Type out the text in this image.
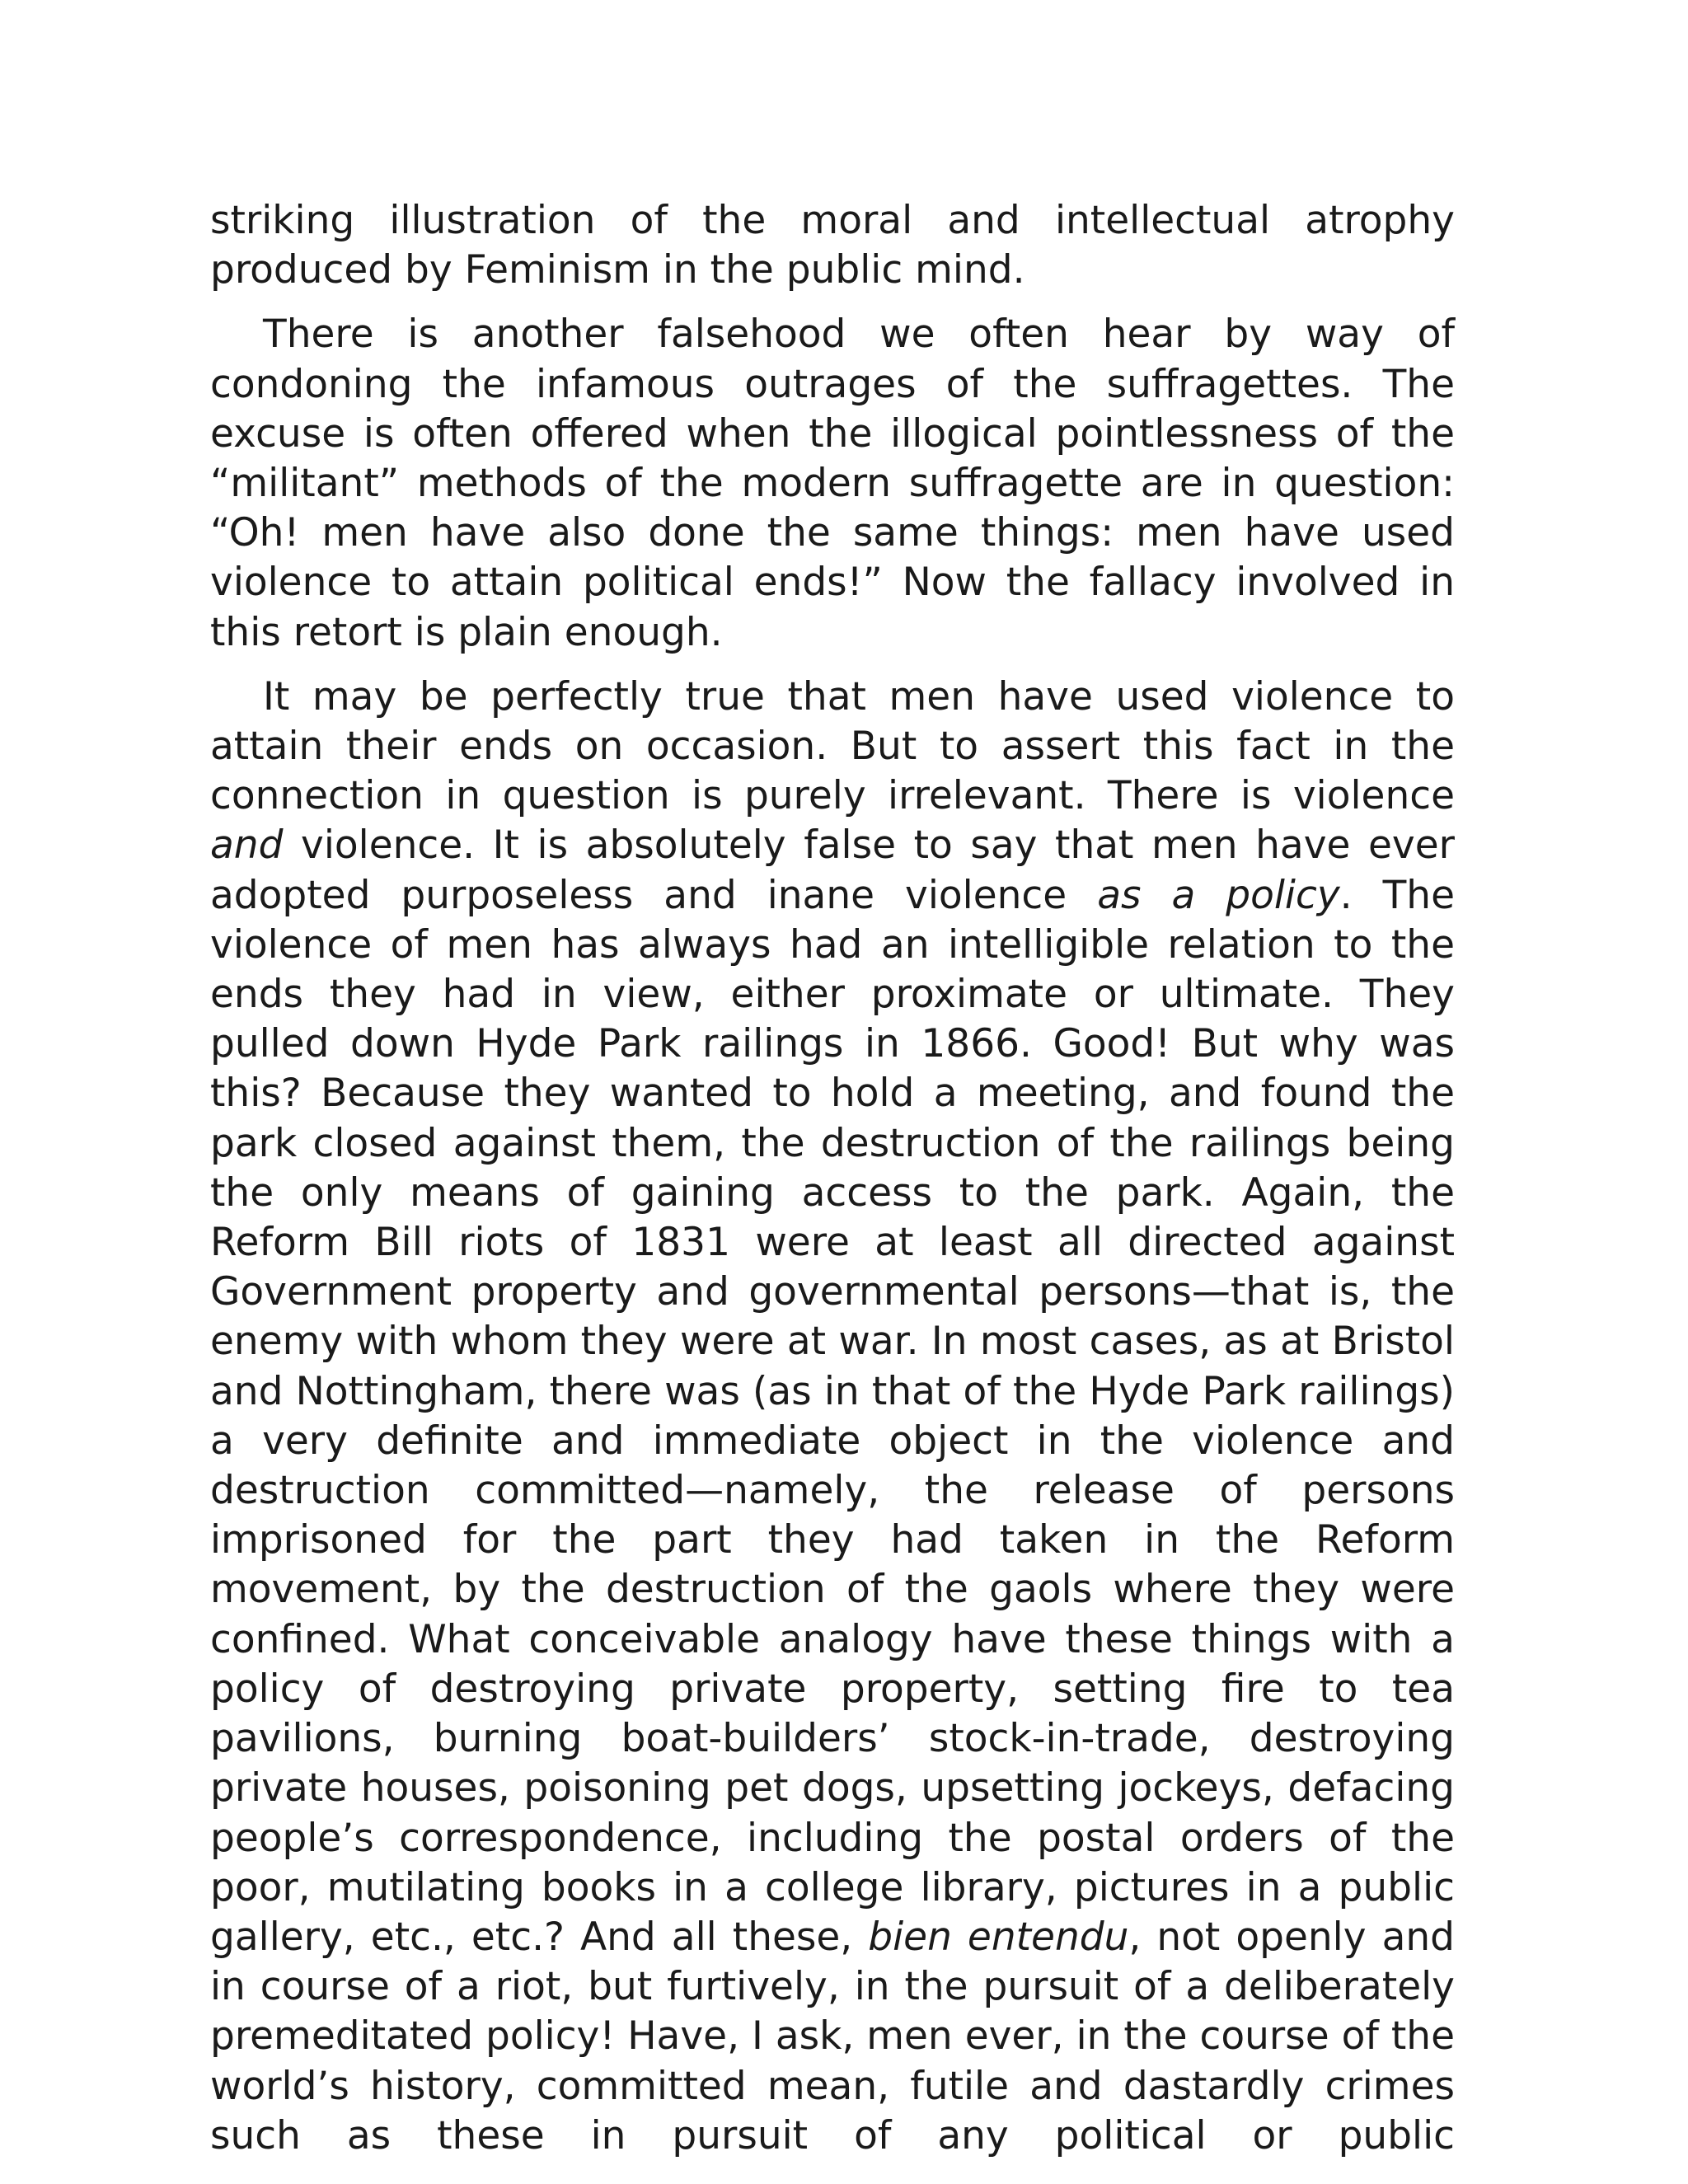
striking illustration of the moral and intellectual atrophy produced by Feminism in the public mind.

There is another falsehood we often hear by way of condoning the infamous outrages of the suffragettes. The excuse is often offered when the illogical pointlessness of the “militant” methods of the modern suffragette are in question: “Oh! men have also done the same things: men have used violence to attain political ends!” Now the fallacy involved in this retort is plain enough.

It may be perfectly true that men have used violence to attain their ends on occasion. But to assert this fact in the connection in question is purely irrelevant. There is violence and violence. It is absolutely false to say that men have ever adopted purposeless and inane violence as a policy. The violence of men has always had an intelligible relation to the ends they had in view, either proximate or ultimate. They pulled down Hyde Park railings in 1866. Good! But why was this? Because they wanted to hold a meeting, and found the park closed against them, the destruction of the railings being the only means of gaining access to the park. Again, the Reform Bill riots of 1831 were at least all directed against Government property and governmental persons—that is, the enemy with whom they were at war. In most cases, as at Bristol and Nottingham, there was (as in that of the Hyde Park railings) a very definite and immediate object in the violence and destruction committed—namely, the release of persons imprisoned for the part they had taken in the Reform movement, by the destruction of the gaols where they were confined. What conceivable analogy have these things with a policy of destroying private property, setting fire to tea pavilions, burning boat-builders’ stock-in-trade, destroying private houses, poisoning pet dogs, upsetting jockeys, defacing people’s correspondence, including the postal orders of the poor, mutilating books in a college library, pictures in a public gallery, etc., etc.? And all these, bien entendu, not openly and in course of a riot, but furtively, in the pursuit of a deliberately premeditated policy! Have, I ask, men ever, in the course of the world’s history, committed mean, futile and dastardly crimes such as these in pursuit of any political or public
